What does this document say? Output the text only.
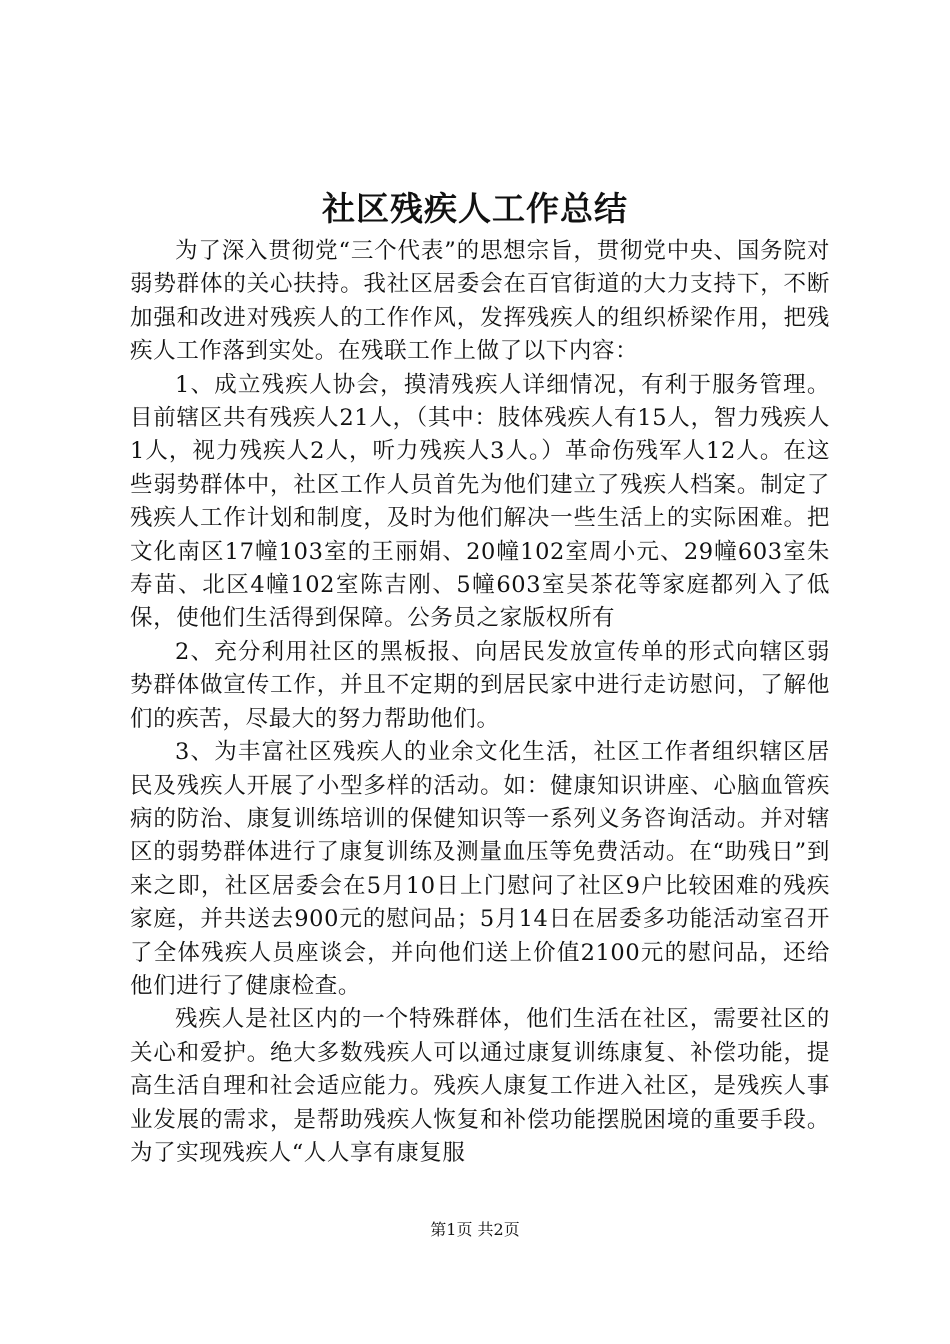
社区残疾人工作总结

为了深入贯彻党“三个代表”的思想宗旨，贯彻党中央、国务院对弱势群体的关心扶持。我社区居委会在百官街道的大力支持下，不断加强和改进对残疾人的工作作风，发挥残疾人的组织桥梁作用，把残疾人工作落到实处。在残联工作上做了以下内容：

1、成立残疾人协会，摸清残疾人详细情况，有利于服务管理。目前辖区共有残疾人21人，（其中：肢体残疾人有15人，智力残疾人1人，视力残疾人2人，听力残疾人3人。）革命伤残军人12人。在这些弱势群体中，社区工作人员首先为他们建立了残疾人档案。制定了残疾人工作计划和制度，及时为他们解决一些生活上的实际困难。把文化南区17幢103室的王丽娟、20幢102室周小元、29幢603室朱寿苗、北区4幢102室陈吉刚、5幢603室吴茶花等家庭都列入了低保，使他们生活得到保障。公务员之家版权所有

2、充分利用社区的黑板报、向居民发放宣传单的形式向辖区弱势群体做宣传工作，并且不定期的到居民家中进行走访慰问，了解他们的疾苦，尽最大的努力帮助他们。

3、为丰富社区残疾人的业余文化生活，社区工作者组织辖区居民及残疾人开展了小型多样的活动。如：健康知识讲座、心脑血管疾病的防治、康复训练培训的保健知识等一系列义务咨询活动。并对辖区的弱势群体进行了康复训练及测量血压等免费活动。在“助残日”到来之即，社区居委会在5月10日上门慰问了社区9户比较困难的残疾家庭，并共送去900元的慰问品；5月14日在居委多功能活动室召开了全体残疾人员座谈会，并向他们送上价值2100元的慰问品，还给他们进行了健康检查。

残疾人是社区内的一个特殊群体，他们生活在社区，需要社区的关心和爱护。绝大多数残疾人可以通过康复训练康复、补偿功能，提高生活自理和社会适应能力。残疾人康复工作进入社区，是残疾人事业发展的需求，是帮助残疾人恢复和补偿功能摆脱困境的重要手段。为了实现残疾人“人人享有康复服

第1页 共2页
